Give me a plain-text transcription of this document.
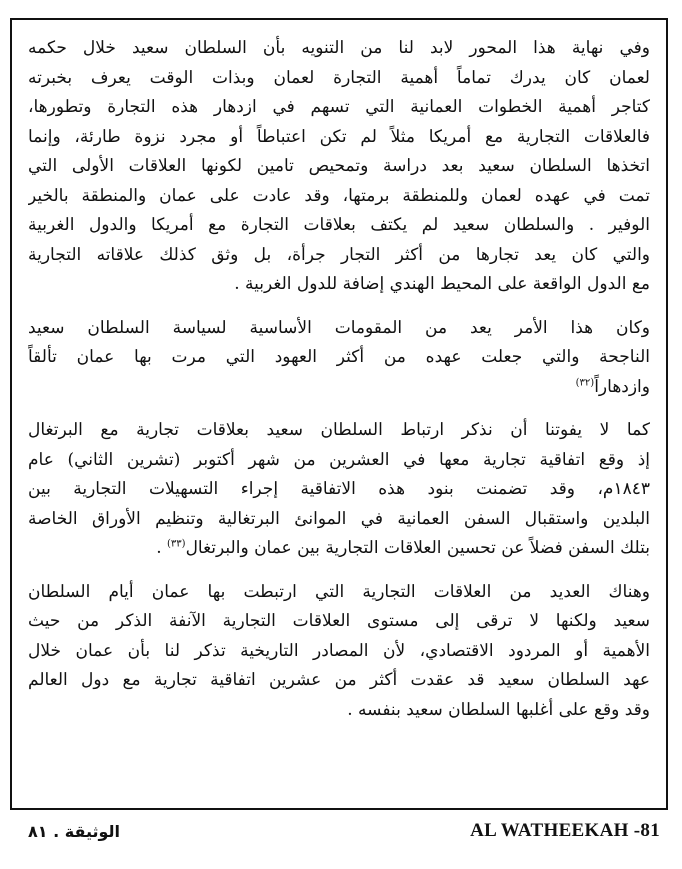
وفي نهاية هذا المحور لابد لنا من التنويه بأن السلطان سعيد خلال حكمه
لعمان كان يدرك تماماً أهمية التجارة لعمان وبذات الوقت يعرف بخبرته
كتاجر أهمية الخطوات العمانية التي تسهم في ازدهار هذه التجارة وتطورها،
فالعلاقات التجارية مع أمريكا مثلاً لم تكن اعتباطاً أو مجرد نزوة طارئة، وإنما
اتخذها السلطان سعيد بعد دراسة وتمحيص تامين لكونها العلاقات الأولى التي
تمت في عهده لعمان وللمنطقة برمتها، وقد عادت على عمان والمنطقة بالخير
الوفير . والسلطان سعيد لم يكتف بعلاقات التجارة مع أمريكا والدول الغربية
والتي كان يعد تجارها من أكثر التجار جرأة، بل وثق كذلك علاقاته التجارية
مع الدول الواقعة على المحيط الهندي إضافة للدول الغربية .
وكان هذا الأمر يعد من المقومات الأساسية لسياسة السلطان سعيد
الناجحة والتي جعلت عهده من أكثر العهود التي مرت بها عمان تألقاً
وازدهاراً$^{(٣٢)}$
كما لا يفوتنا أن نذكر ارتباط السلطان سعيد بعلاقات تجارية مع البرتغال
إذ وقع اتفاقية تجارية معها في العشرين من شهر أكتوبر (تشرين الثاني) عام
١٨٤٣م، وقد تضمنت بنود هذه الاتفاقية إجراء التسهيلات التجارية بين
البلدين واستقبال السفن العمانية في الموانئ البرتغالية وتنظيم الأوراق الخاصة
بتلك السفن فضلاً عن تحسين العلاقات التجارية بين عمان والبرتغال$^{(٣٣)}$ .
وهناك العديد من العلاقات التجارية التي ارتبطت بها عمان أيام السلطان
سعيد ولكنها لا ترقى إلى مستوى العلاقات التجارية الآنفة الذكر من حيث
الأهمية أو المردود الاقتصادي، لأن المصادر التاريخية تذكر لنا بأن عمان خلال
عهد السلطان سعيد قد عقدت أكثر من عشرين اتفاقية تجارية مع دول العالم
وقد وقع على أغلبها السلطان سعيد بنفسه .
الوثيقة . ٨١	AL WATHEEKAH -81
